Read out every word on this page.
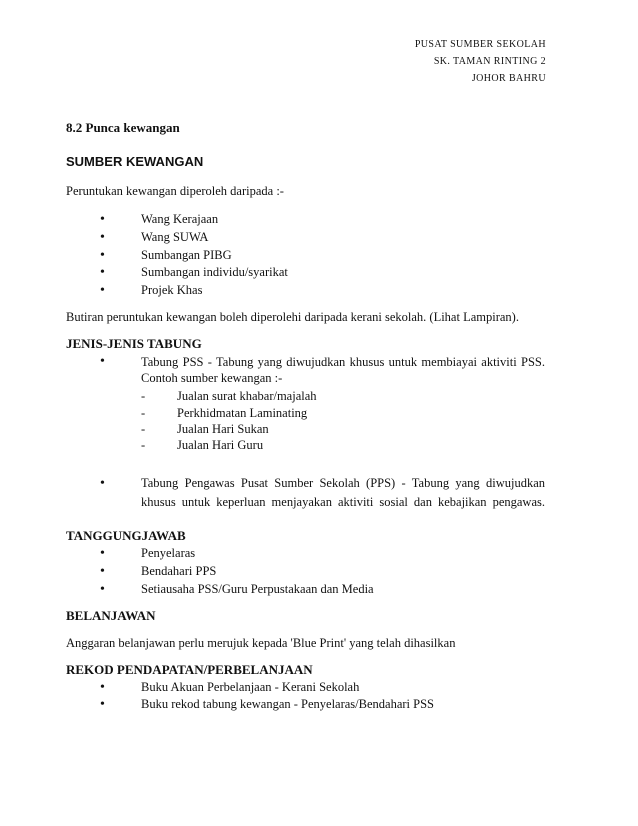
PUSAT SUMBER SEKOLAH
SK. TAMAN RINTING 2
JOHOR BAHRU
8.2 Punca kewangan
SUMBER KEWANGAN
Peruntukan kewangan diperoleh daripada :-
•	Wang Kerajaan
•	Wang SUWA
•	Sumbangan PIBG
•	Sumbangan individu/syarikat
•	Projek Khas
Butiran peruntukan kewangan boleh diperolehi daripada kerani sekolah. (Lihat Lampiran).
JENIS-JENIS TABUNG
•	Tabung PSS - Tabung yang diwujudkan khusus untuk membiayai aktiviti PSS.
Contoh sumber kewangan :-
-	Jualan surat khabar/majalah
-	Perkhidmatan Laminating
-	Jualan Hari Sukan
-	Jualan Hari Guru
•	Tabung Pengawas Pusat Sumber Sekolah (PPS) - Tabung yang diwujudkan
khusus untuk keperluan menjayakan aktiviti sosial dan kebajikan pengawas.
TANGGUNGJAWAB
•	Penyelaras
•	Bendahari PPS
•	Setiausaha PSS/Guru Perpustakaan dan Media
BELANJAWAN
Anggaran belanjawan perlu merujuk kepada 'Blue Print' yang telah dihasilkan
REKOD PENDAPATAN/PERBELANJAAN
•	Buku Akuan Perbelanjaan - Kerani Sekolah
•	Buku rekod tabung kewangan - Penyelaras/Bendahari PSS
